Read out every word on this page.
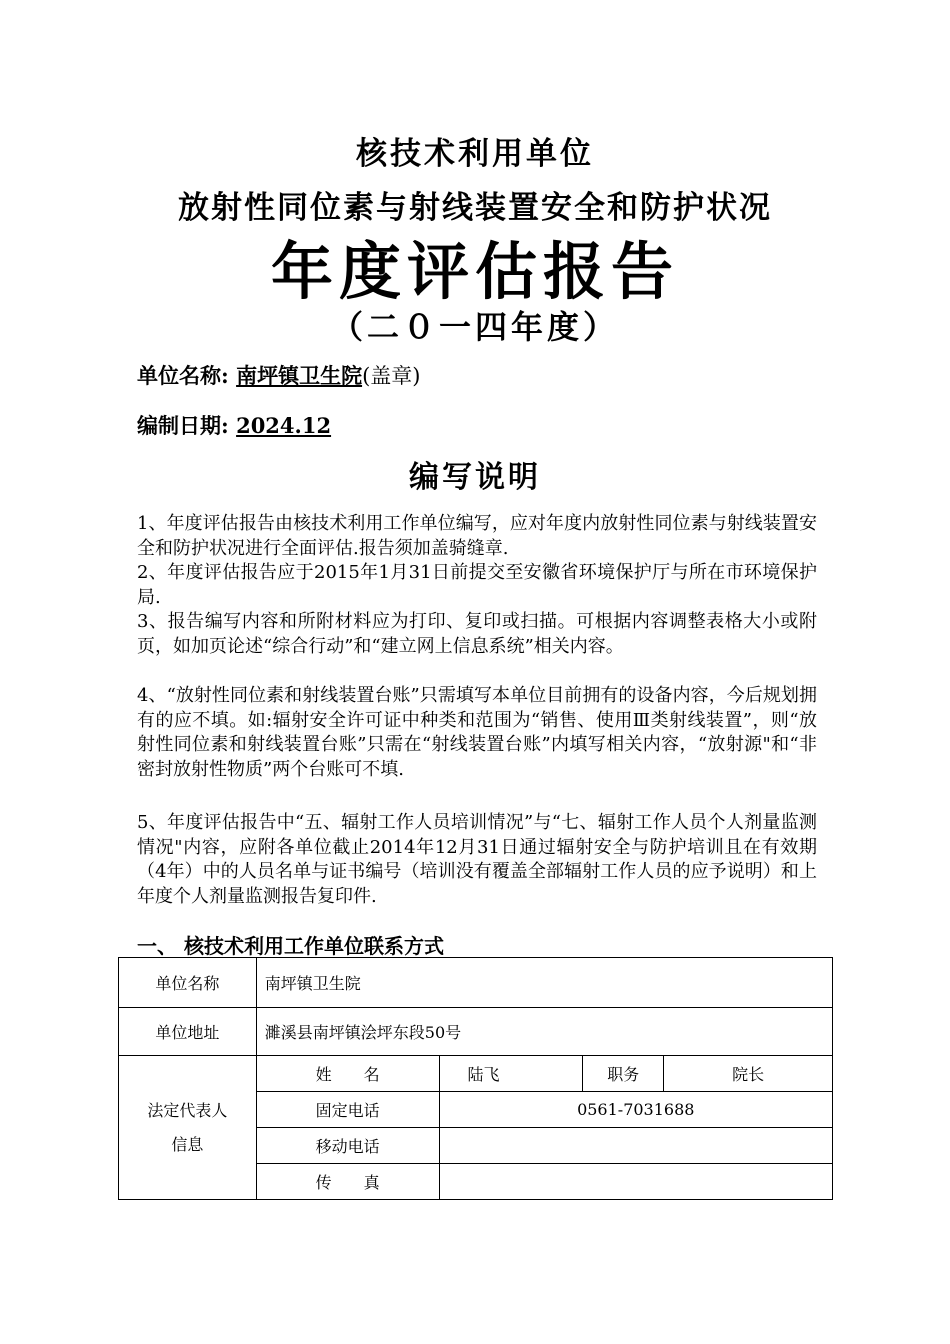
核技术利用单位
放射性同位素与射线装置安全和防护状况
年度评估报告
（二０一四年度）
单位名称: 南坪镇卫生院(盖章)
编制日期: 2024.12
编写说明
1、年度评估报告由核技术利用工作单位编写，应对年度内放射性同位素与射线装置安全和防护状况进行全面评估.报告须加盖骑缝章.
2、年度评估报告应于2015年1月31日前提交至安徽省环境保护厅与所在市环境保护局.
3、报告编写内容和所附材料应为打印、复印或扫描。可根据内容调整表格大小或附页，如加页论述“综合行动”和“建立网上信息系统”相关内容。
4、“放射性同位素和射线装置台账”只需填写本单位目前拥有的设备内容，今后规划拥有的应不填。如:辐射安全许可证中种类和范围为“销售、使用Ⅲ类射线装置”，则“放射性同位素和射线装置台账”只需在“射线装置台账”内填写相关内容，“放射源"和“非密封放射性物质”两个台账可不填.
5、年度评估报告中“五、辐射工作人员培训情况”与“七、辐射工作人员个人剂量监测情况"内容，应附各单位截止2014年12月31日通过辐射安全与防护培训且在有效期（4年）中的人员名单与证书编号（培训没有覆盖全部辐射工作人员的应予说明）和上年度个人剂量监测报告复印件.
一、 核技术利用工作单位联系方式
单位名称	南坪镇卫生院			
单位地址	濉溪县南坪镇浍坪东段50号			

法定代表人
信息	姓　　名	陆飞	职务	院长
	固定电话	0561-7031688		
	移动电话			
	传　　真			
